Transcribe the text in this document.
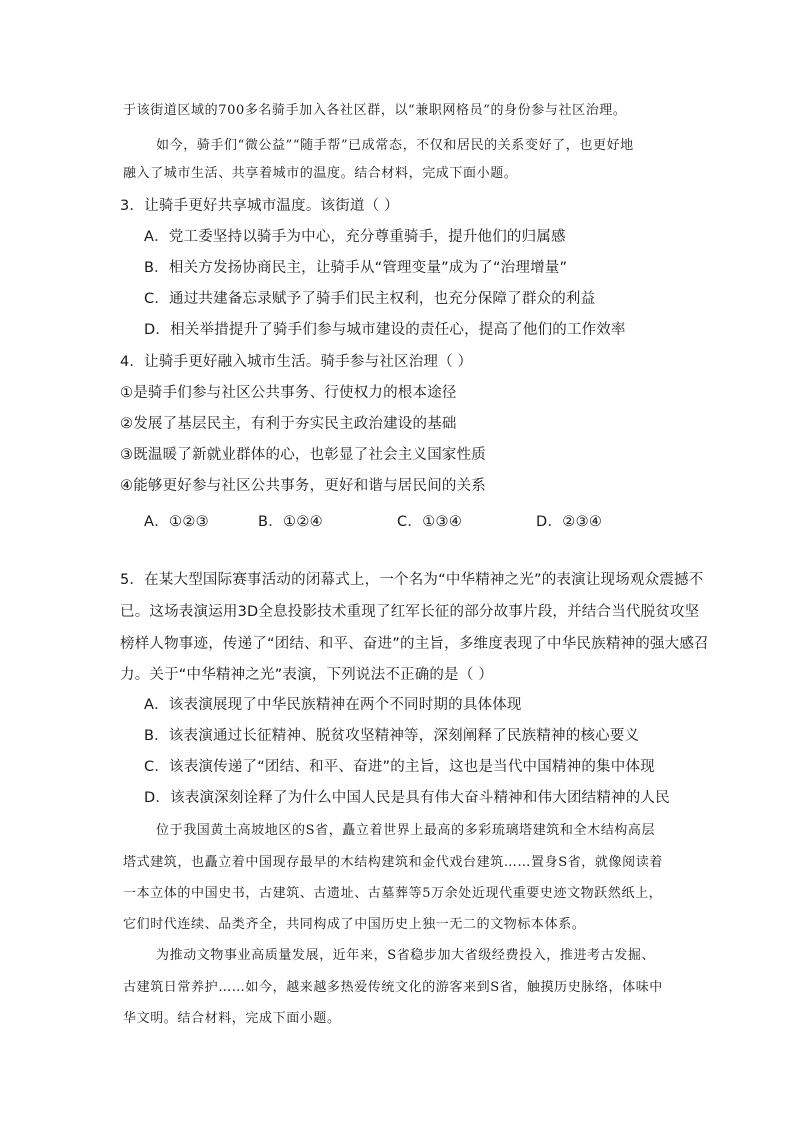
于该街道区域的700多名骑手加入各社区群，以“兼职网格员”的身份参与社区治理。
如今，骑手们“微公益”“随手帮”已成常态，不仅和居民的关系变好了，也更好地
融入了城市生活、共享着城市的温度。结合材料，完成下面小题。
3．让骑手更好共享城市温度。该街道（ ）
A．党工委坚持以骑手为中心，充分尊重骑手，提升他们的归属感
B．相关方发扬协商民主，让骑手从“管理变量”成为了“治理增量”
C．通过共建备忘录赋予了骑手们民主权利，也充分保障了群众的利益
D．相关举措提升了骑手们参与城市建设的责任心，提高了他们的工作效率
4．让骑手更好融入城市生活。骑手参与社区治理（ ）
①是骑手们参与社区公共事务、行使权力的根本途径
②发展了基层民主，有利于夯实民主政治建设的基础
③既温暖了新就业群体的心，也彰显了社会主义国家性质
④能够更好参与社区公共事务，更好和谐与居民间的关系
A．①②③	B．①②④	C．①③④	D．②③④
5．在某大型国际赛事活动的闭幕式上，一个名为“中华精神之光”的表演让现场观众震撼不
已。这场表演运用3D全息投影技术重现了红军长征的部分故事片段，并结合当代脱贫攻坚
榜样人物事迹，传递了“团结、和平、奋进”的主旨，多维度表现了中华民族精神的强大感召
力。关于“中华精神之光”表演，下列说法不正确的是（ ）
A．该表演展现了中华民族精神在两个不同时期的具体体现
B．该表演通过长征精神、脱贫攻坚精神等，深刻阐释了民族精神的核心要义
C．该表演传递了“团结、和平、奋进”的主旨，这也是当代中国精神的集中体现
D．该表演深刻诠释了为什么中国人民是具有伟大奋斗精神和伟大团结精神的人民
位于我国黄土高坡地区的S省，矗立着世界上最高的多彩琉璃塔建筑和全木结构高层
塔式建筑，也矗立着中国现存最早的木结构建筑和金代戏台建筑……置身S省，就像阅读着
一本立体的中国史书，古建筑、古遗址、古墓葬等5万余处近现代重要史迹文物跃然纸上，
它们时代连续、品类齐全，共同构成了中国历史上独一无二的文物标本体系。
为推动文物事业高质量发展，近年来，S省稳步加大省级经费投入，推进考古发掘、
古建筑日常养护……如今，越来越多热爱传统文化的游客来到S省，触摸历史脉络，体味中
华文明。结合材料，完成下面小题。
